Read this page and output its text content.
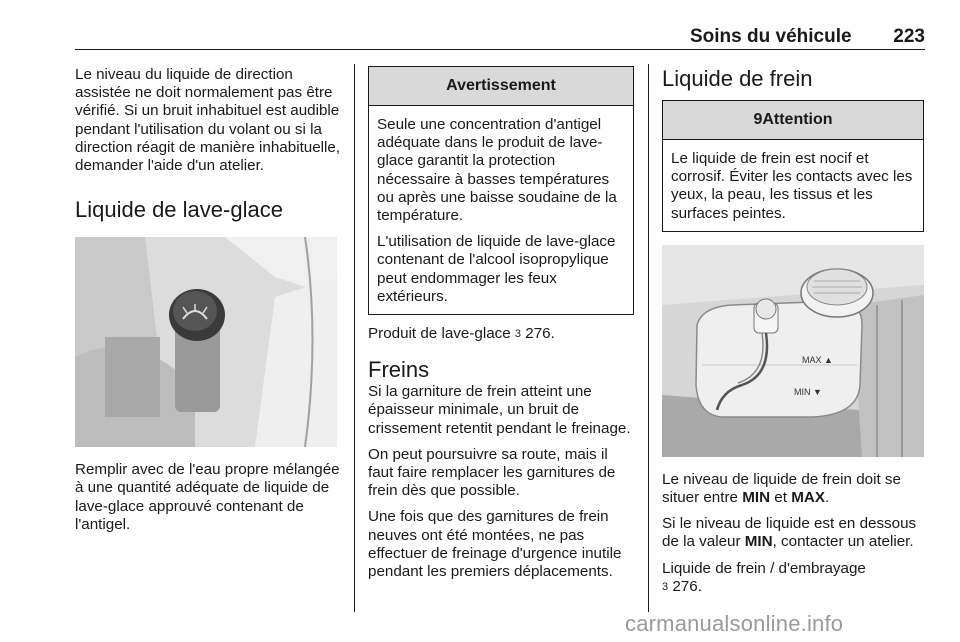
Soins du véhicule	223

Le niveau du liquide de direction assistée ne doit normalement pas être vérifié. Si un bruit inhabituel est audible pendant l'utilisation du volant ou si la direction réagit de manière inhabituelle, demander l'aide d'un atelier.

Liquide de lave-glace

Remplir avec de l'eau propre mélangée à une quantité adéquate de liquide de lave-glace approuvé contenant de l'antigel.

Avertissement

Seule une concentration d'antigel adéquate dans le produit de lave-glace garantit la protection nécessaire à basses températures ou après une baisse soudaine de la température.

L'utilisation de liquide de lave-glace contenant de l'alcool isopropylique peut endommager les feux extérieurs.

Produit de lave-glace 3 276.

Freins

Si la garniture de frein atteint une épaisseur minimale, un bruit de crissement retentit pendant le freinage.

On peut poursuivre sa route, mais il faut faire remplacer les garnitures de frein dès que possible.

Une fois que des garnitures de frein neuves ont été montées, ne pas effectuer de freinage d'urgence inutile pendant les premiers déplacements.

Liquide de frein
9Attention

Le liquide de frein est nocif et corrosif. Éviter les contacts avec les yeux, la peau, les tissus et les surfaces peintes.

MAX ▲
MIN ▼

Le niveau de liquide de frein doit se situer entre MIN et MAX.

Si le niveau de liquide est en dessous de la valeur MIN, contacter un atelier.

Liquide de frein / d'embrayage
3 276.

carmanualsonline.info
